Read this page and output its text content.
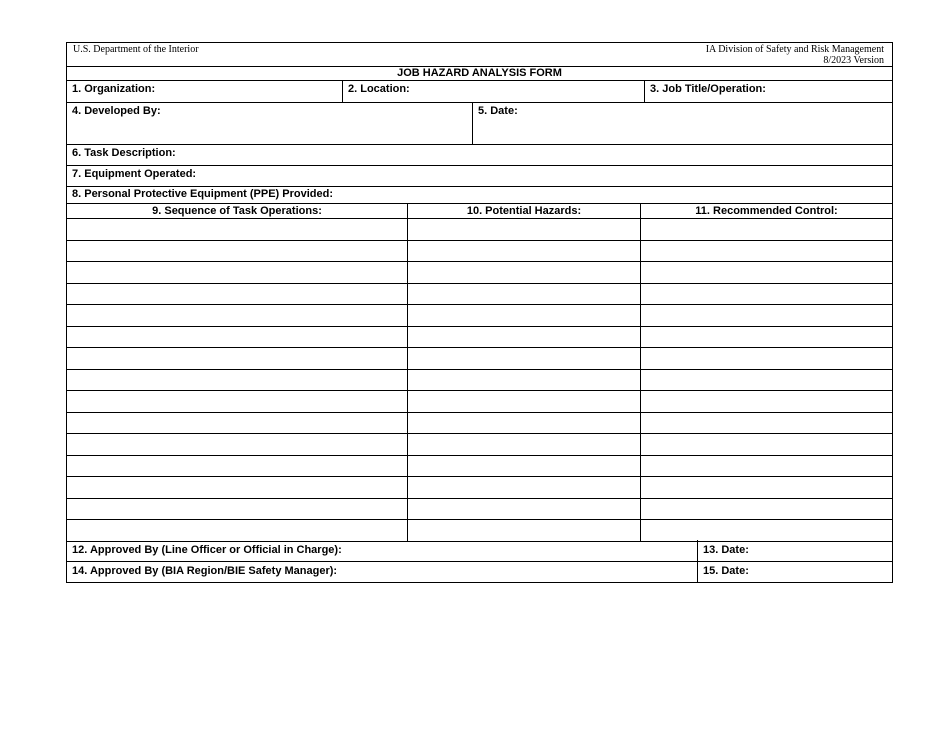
U.S. Department of the Interior	IA Division of Safety and Risk Management
8/2023 Version
JOB HAZARD ANALYSIS FORM
1. Organization:	2. Location:	3. Job Title/Operation:
4. Developed By:	5. Date:
6. Task Description:
7. Equipment Operated:
8. Personal Protective Equipment (PPE) Provided:
9. Sequence of Task Operations:	10. Potential Hazards:	11. Recommended Control:
12. Approved By (Line Officer or Official in Charge):	13. Date:
14. Approved By (BIA Region/BIE Safety Manager):	15. Date:
